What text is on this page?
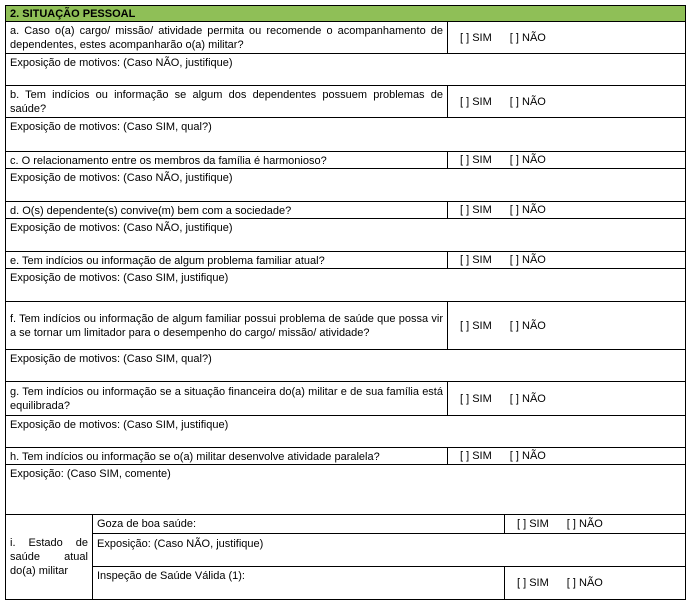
2. SITUAÇÃO PESSOAL	
a. Caso o(a) cargo/ missão/ atividade permita ou recomende o acompanhamento de dependentes, estes acompanharão o(a) militar?	[ ] SIM [ ] NÃO
Exposição de motivos: (Caso NÃO, justifique)	
b. Tem indícios ou informação se algum dos dependentes possuem problemas de saúde?	[ ] SIM [ ] NÃO
Exposição de motivos: (Caso SIM, qual?)	
c. O relacionamento entre os membros da família é harmonioso?	[ ] SIM [ ] NÃO
Exposição de motivos: (Caso NÃO, justifique)	
d. O(s) dependente(s) convive(m) bem com a sociedade?	[ ] SIM [ ] NÃO
Exposição de motivos: (Caso NÃO, justifique)	
e. Tem indícios ou informação de algum problema familiar atual?	[ ] SIM [ ] NÃO
Exposição de motivos: (Caso SIM, justifique)	
f. Tem indícios ou informação de algum familiar possui problema de saúde que possa vir a se tornar um limitador para o desempenho do cargo/ missão/ atividade?	[ ] SIM [ ] NÃO
Exposição de motivos: (Caso SIM, qual?)	
g. Tem indícios ou informação se a situação financeira do(a) militar e de sua família está equilibrada?	[ ] SIM [ ] NÃO
Exposição de motivos: (Caso SIM, justifique)	
h. Tem indícios ou informação se o(a) militar desenvolve atividade paralela?	[ ] SIM [ ] NÃO
Exposição: (Caso SIM, comente)	
i. Estado de saúde atual do(a) militar	Goza de boa saúde:	[ ] SIM [ ] NÃO
	Exposição: (Caso NÃO, justifique)	
	Inspeção de Saúde Válida (1):	[ ] SIM [ ] NÃO
